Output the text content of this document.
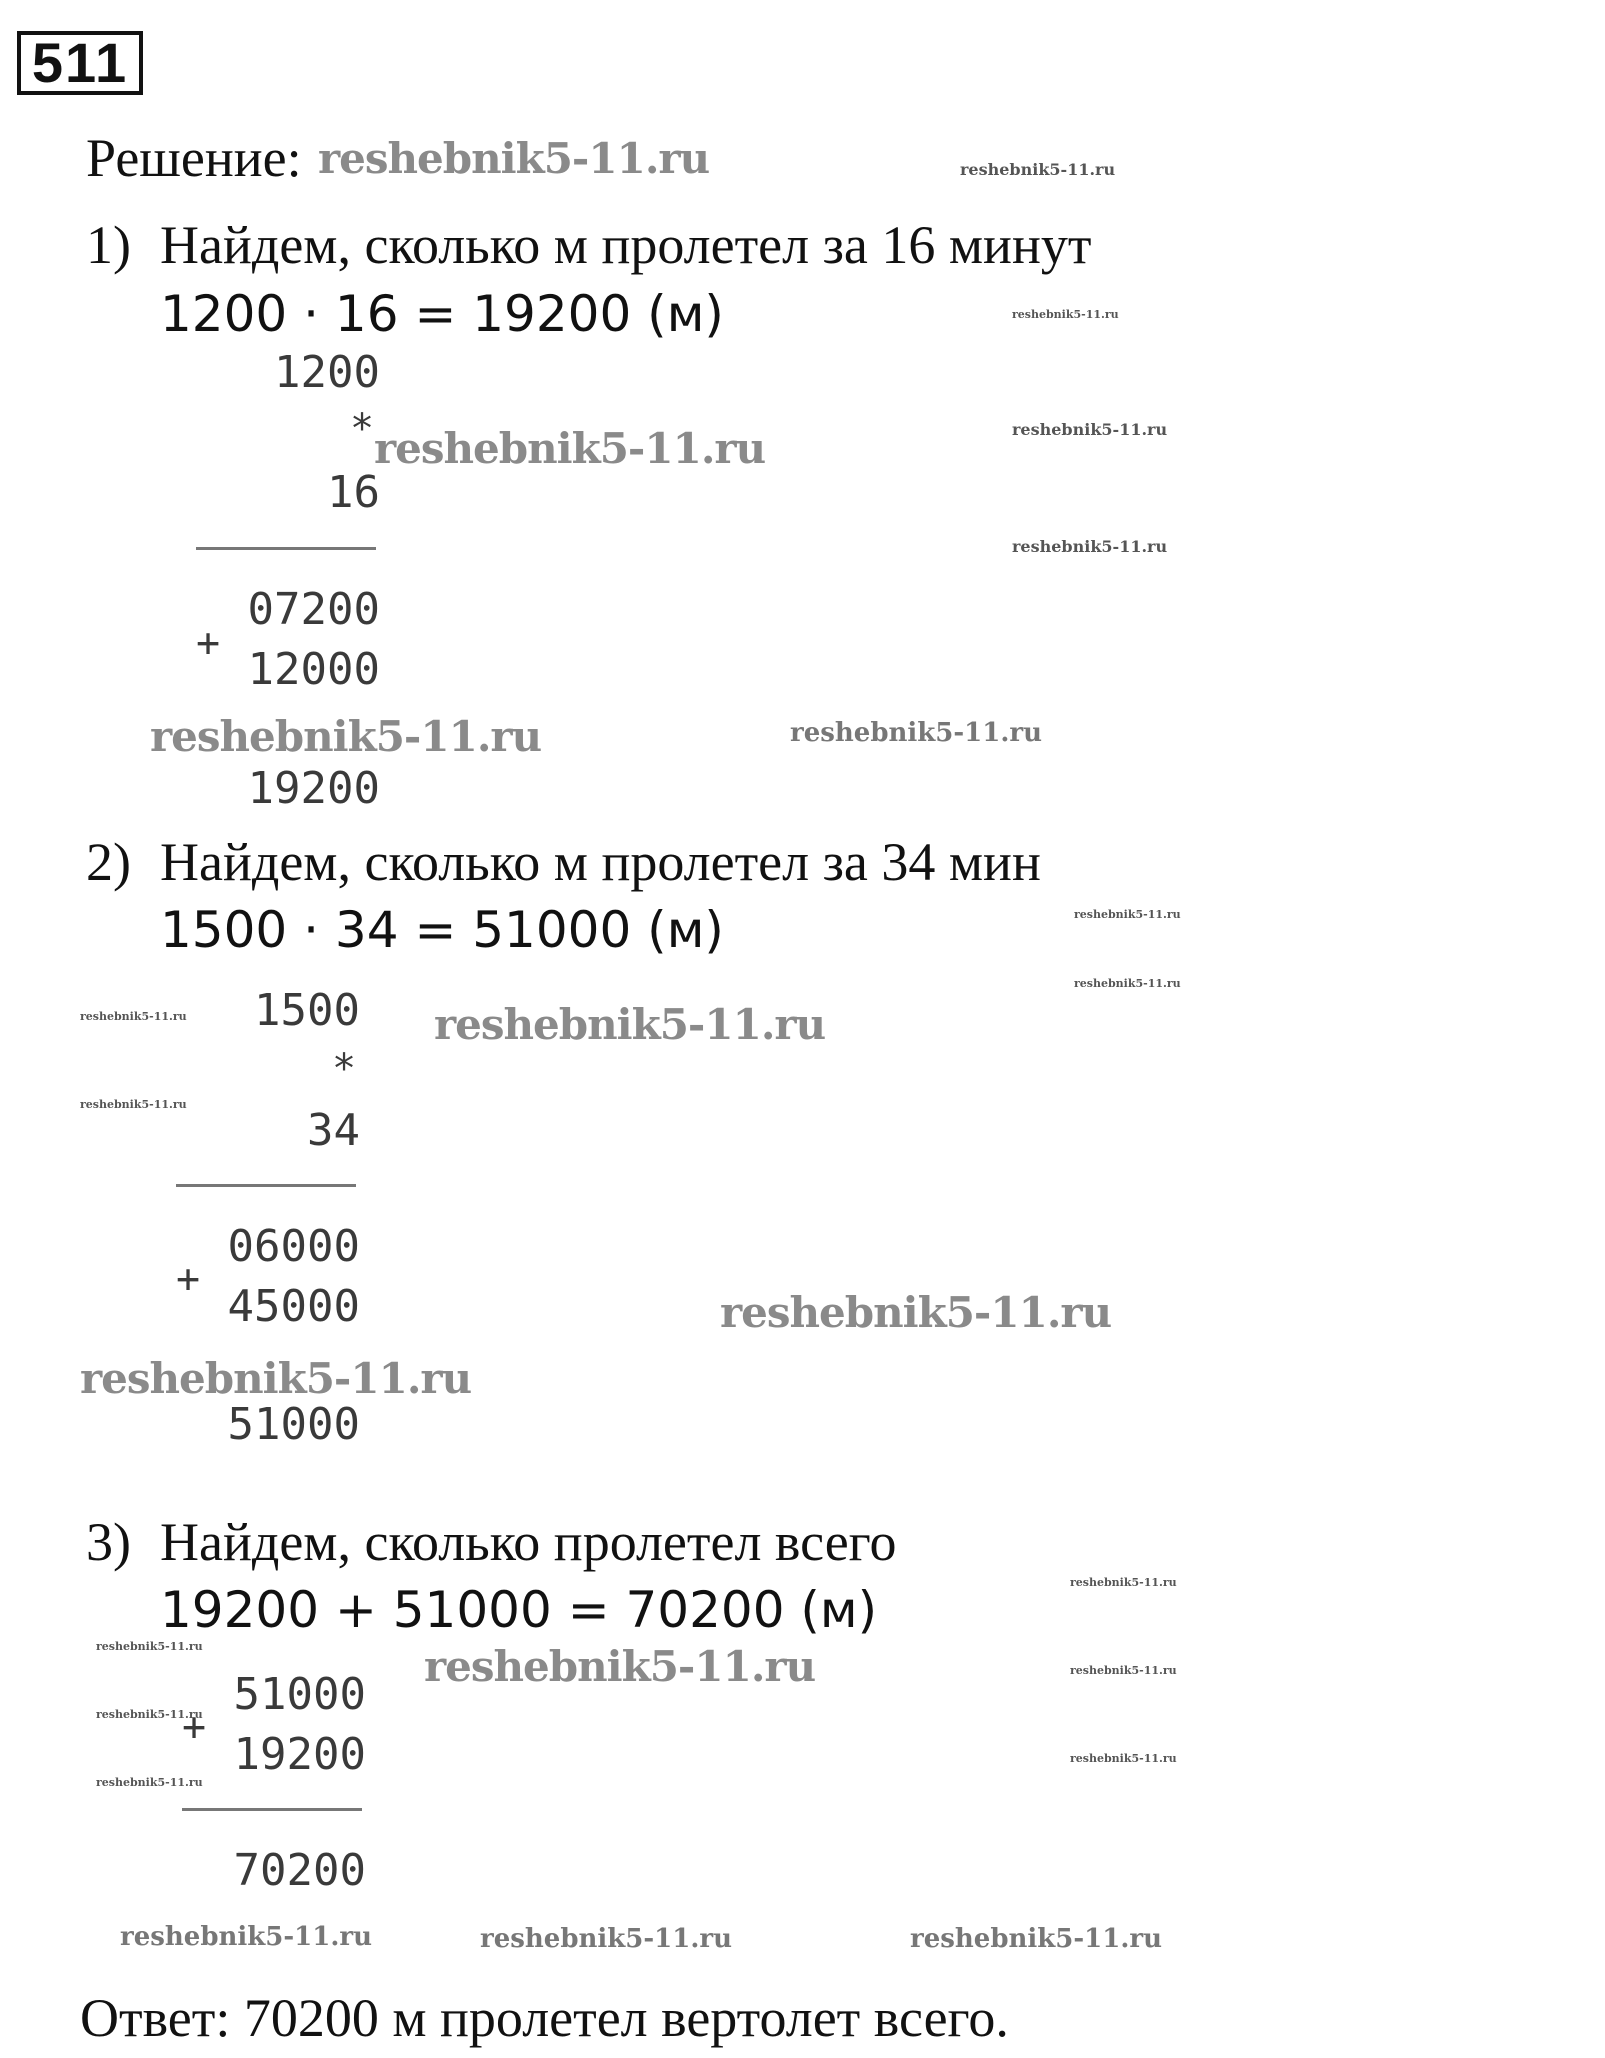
511
Решение: reshebnik5-11.ru	reshebnik5-11.ru
1) Найдем, сколько м пролетел за 16 минут
1200 · 16 = 19200 (м)	reshebnik5-11.ru
1200
* reshebnik5-11.ru	reshebnik5-11.ru
16
reshebnik5-11.ru
07200
+
12000
reshebnik5-11.ru	reshebnik5-11.ru
19200
2) Найдем, сколько м пролетел за 34 мин
1500 · 34 = 51000 (м)	reshebnik5-11.ru
reshebnik5-11.ru
reshebnik5-11.ru	1500 reshebnik5-11.ru
*
reshebnik5-11.ru
34
06000
+
45000	reshebnik5-11.ru
reshebnik5-11.ru
51000
3) Найдем, сколько пролетел всего
reshebnik5-11.ru
19200 + 51000 = 70200 (м)
reshebnik5-11.ru	reshebnik5-11.ru	reshebnik5-11.ru
51000
reshebnik5-11.ru
+
19200	reshebnik5-11.ru
reshebnik5-11.ru
70200
reshebnik5-11.ru	reshebnik5-11.ru	reshebnik5-11.ru
Ответ: 70200 м пролетел вертолет всего.
